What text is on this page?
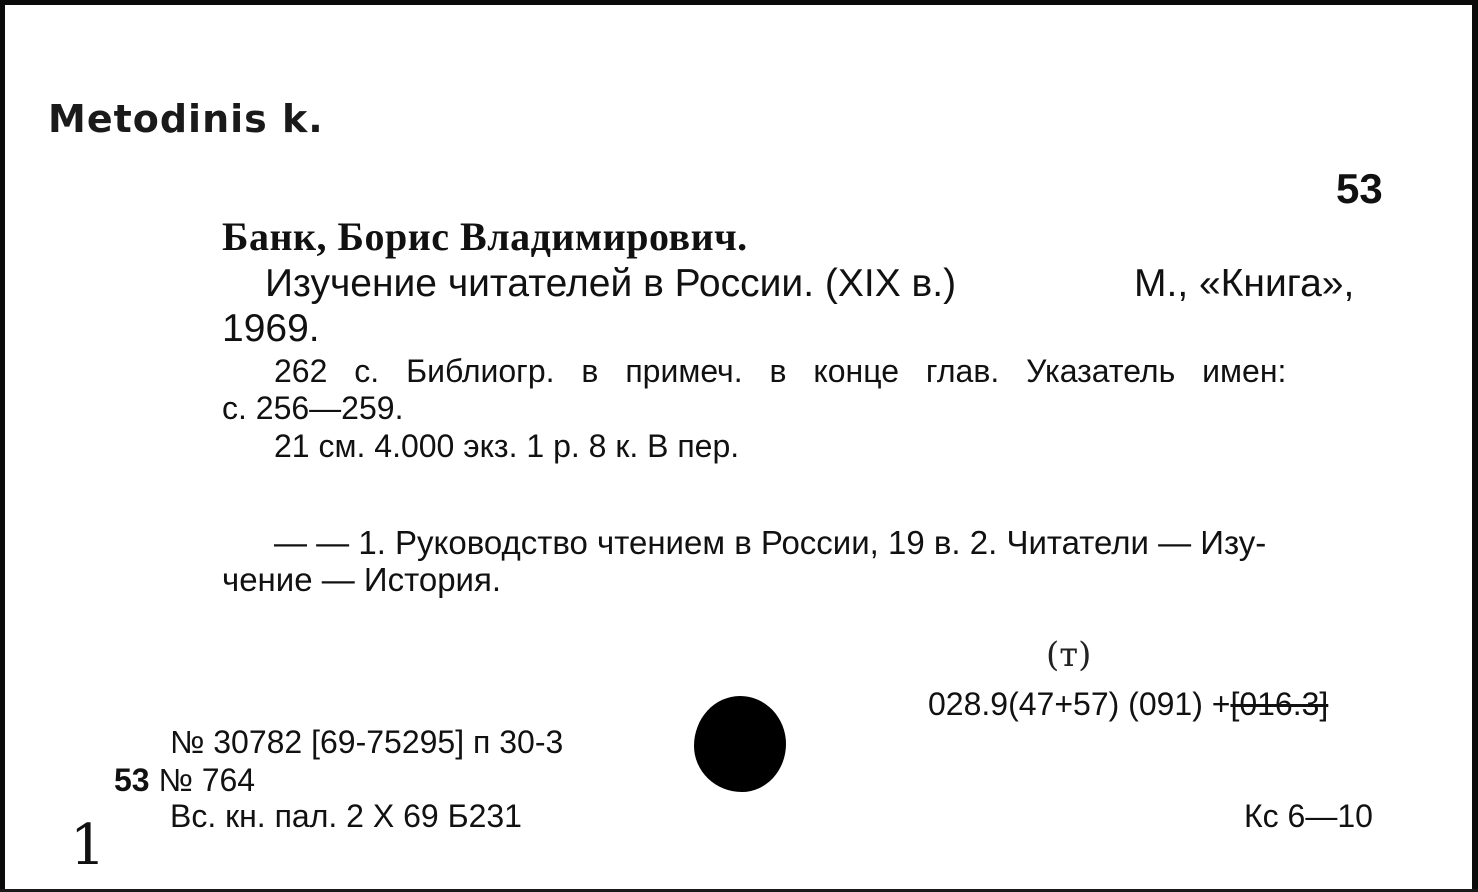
Metodinis k.
53
Банк, Борис Владимирович.
Изучение читателей в России. (XIX в.)	М., «Книга»,
1969.
262 с. Библиогр. в примеч. в конце глав. Указатель имен:
с. 256—259.
21 см. 4.000 экз. 1 р. 8 к. В пер.
— — 1. Руководство чтением в России, 19 в. 2. Читатели — Изу-
чение — История.
(т)
028.9(47+57) (091) +[016.3]
№ 30782 [69-75295] п 30-3
53 № 764
Вс. кн. пал. 2 Х 69 Б231	Кс 6—10
1
